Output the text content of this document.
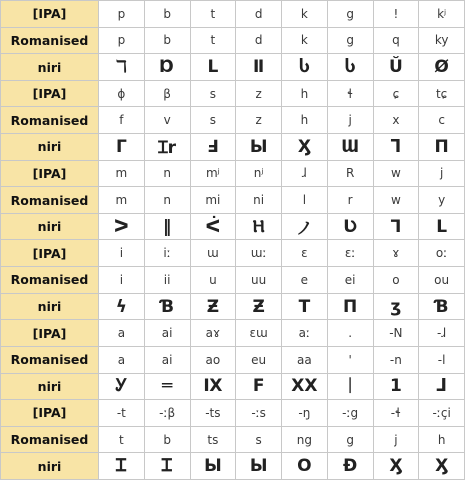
[IPA]	p	b	t	d	k	g	!	kʲ
Romanised	p	b	t	d	k	g	q	ky
niri	ℸ	Ɒ	Ⅼ	Ⅱ	Ⴑ	Ⴑ	Ŭ	Ø
[IPA]	ɸ	β	s	z	h	ɬ	ɕ	tɕ
Romanised	f	v	s	z	h	j	x	c
niri	Γ	Ɪr	Ⅎ	Ы	Ӽ	Ɯ	ᒣ	Π
[IPA]	m	n	mʲ	nʲ	ɺ	R	w	j
Romanised	m	n	mi	ni	l	r	w	y
niri	ᐳ	‖	ᐹ	Ⲏ	ノ	Ʋ	Ꞁ	L
[IPA]	i	iː	ɯ	ɯː	ɛ	ɛː	ɤ	oː
Romanised	i	ii	u	uu	e	ei	o	ou
niri	ϟ	Ɓ	Ƶ	Ƶ	T	Π	ʒ	Ɓ
[IPA]	a	ai	aɤ	ɛɯ	aː	.	-N	-ɺ
Romanised	a	ai	ao	eu	aa	'	-n	-l
niri	Ꭹ	═	Ⅸ	F	ⅩⅩ	ᛁ	1	ᒧ
[IPA]	-t	-ːβ	-ts	-ːs	-ŋ	-ːg	-ɬ	-ːçi
Romanised	t	b	ts	s	ng	g	j	h
niri	Ꮖ	Ꮖ	Ы	Ы	O	Ð	Ӽ	Ӽ
